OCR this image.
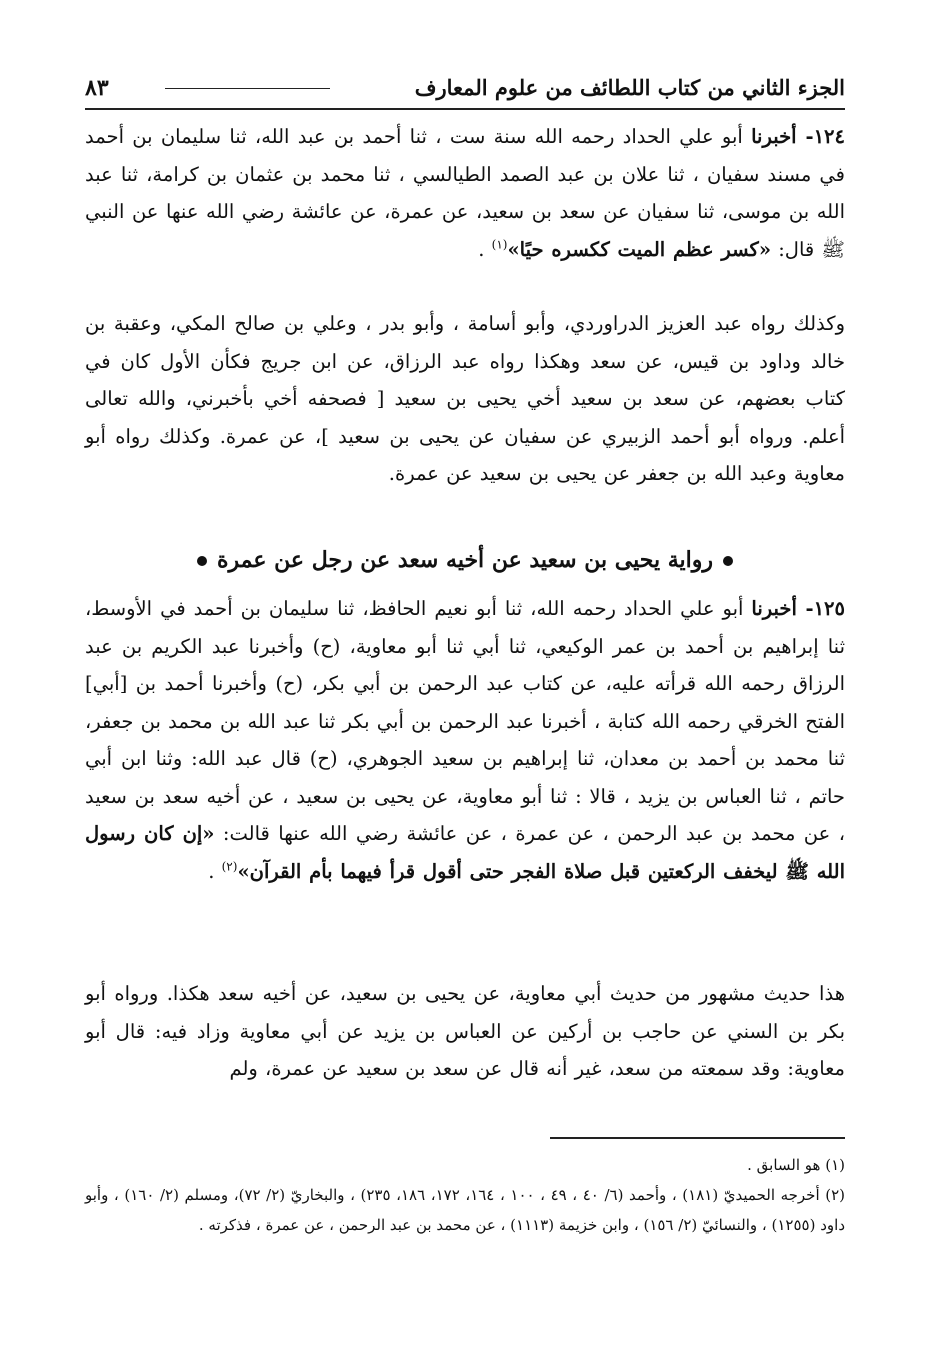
الجزء الثاني من كتاب اللطائف من علوم المعارف
٨٣

١٢٤- أخبرنا أبو علي الحداد رحمه الله سنة ست ، ثنا أحمد بن عبد الله، ثنا سليمان بن أحمد في مسند سفيان ، ثنا علان بن عبد الصمد الطيالسي ، ثنا محمد بن عثمان بن كرامة، ثنا عبد الله بن موسى، ثنا سفيان عن سعد بن سعيد، عن عمرة، عن عائشة رضي الله عنها عن النبي ﷺ قال: «كسر عظم الميت ككسره حيًا»$^{(١)}$ .

وكذلك رواه عبد العزيز الدراوردي، وأبو أسامة ، وأبو بدر ، وعلي بن صالح المكي، وعقبة بن خالد وداود بن قيس، عن سعد وهكذا رواه عبد الرزاق، عن ابن جريج فكأن الأول كان في كتاب بعضهم، عن سعد بن سعيد أخي يحيى بن سعيد [ فصحفه أخي بأخبرني، والله تعالى أعلم. ورواه أبو أحمد الزبيري عن سفيان عن يحيى بن سعيد ]، عن عمرة. وكذلك رواه أبو معاوية وعبد الله بن جعفر عن يحيى بن سعيد عن عمرة.

رواية يحيى بن سعيد عن أخيه سعد عن رجل عن عمرة

١٢٥- أخبرنا أبو علي الحداد رحمه الله، ثنا أبو نعيم الحافظ، ثنا سليمان بن أحمد في الأوسط، ثنا إبراهيم بن أحمد بن عمر الوكيعي، ثنا أبي ثنا أبو معاوية، (ح) وأخبرنا عبد الكريم بن عبد الرزاق رحمه الله قرأته عليه، عن كتاب عبد الرحمن بن أبي بكر، (ح) وأخبرنا أحمد بن [أبي] الفتح الخرقي رحمه الله كتابة ، أخبرنا عبد الرحمن بن أبي بكر ثنا عبد الله بن محمد بن جعفر، ثنا محمد بن أحمد بن معدان، ثنا إبراهيم بن سعيد الجوهري، (ح) قال عبد الله: وثنا ابن أبي حاتم ، ثنا العباس بن يزيد ، قالا : ثنا أبو معاوية، عن يحيى بن سعيد ، عن أخيه سعد بن سعيد ، عن محمد بن عبد الرحمن ، عن عمرة ، عن عائشة رضي الله عنها قالت: «إن كان رسول الله ﷺ ليخفف الركعتين قبل صلاة الفجر حتى أقول قرأ فيهما بأم القرآن»$^{(٢)}$ .

هذا حديث مشهور من حديث أبي معاوية، عن يحيى بن سعيد، عن أخيه سعد هكذا. ورواه أبو بكر بن السني عن حاجب بن أركين عن العباس بن يزيد عن أبي معاوية وزاد فيه: قال أبو معاوية: وقد سمعته من سعد، غير أنه قال عن سعد بن سعيد عن عمرة، ولم

(١) هو السابق .

(٢) أخرجه الحميديّ (١٨١) ، وأحمد (٦/ ٤٠ ، ٤٩ ، ١٠٠ ، ١٦٤، ١٧٢، ١٨٦، ٢٣٥) ، والبخاريّ (٢/ ٧٢)، ومسلم (٢/ ١٦٠) ، وأبو داود (١٢٥٥) ، والنسائيّ (٢/ ١٥٦) ، وابن خزيمة (١١١٣) ، عن محمد بن عبد الرحمن ، عن عمرة ، فذكرته .
